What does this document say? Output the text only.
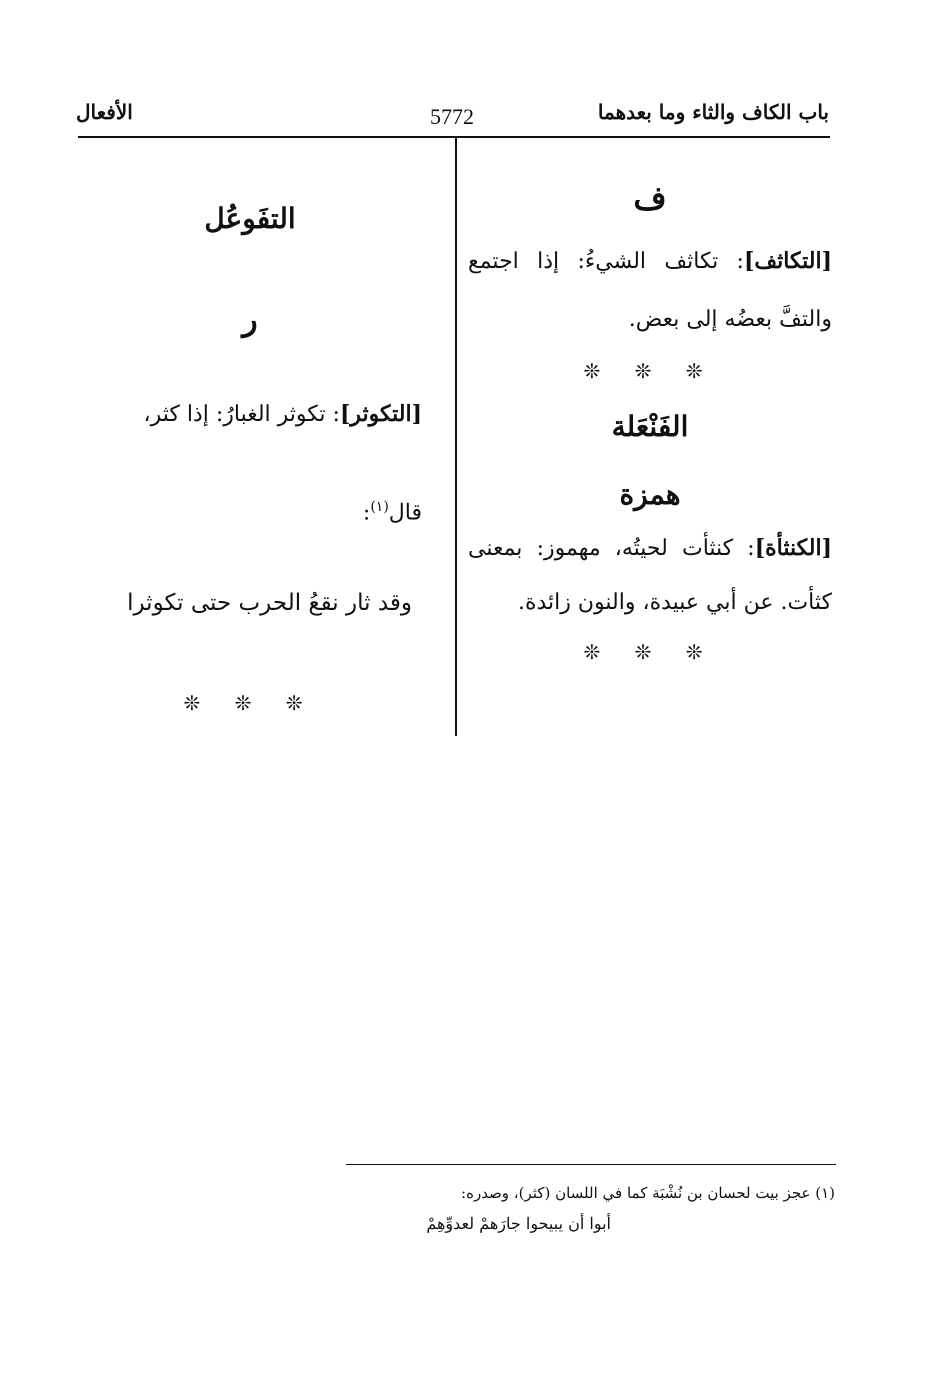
باب الكاف والثاء وما بعدهما
5772
الأفعال
ف
[التكاثف]: تكاثف الشيءُ: إذا اجتمع والتفَّ بعضُه إلى بعض.
❊ ❊ ❊
الفَنْعَلة
همزة
[الكنثأة]: كنثأت لحيتُه، مهموز: بمعنى كثأت. عن أبي عبيدة، والنون زائدة.
❊ ❊ ❊
التفَوعُل
ر
[التكوثر]: تكوثر الغبارُ: إذا كثر،
قال$^{(١)}$:
وقد ثار نقعُ الحرب حتى تكوثرا
❊ ❊ ❊
(١) عجز بيت لحسان بن نُشْبَة كما في اللسان (كثر)، وصدره:
أبوا أن يبيحوا جارَهمْ لعدوِّهِمْ
